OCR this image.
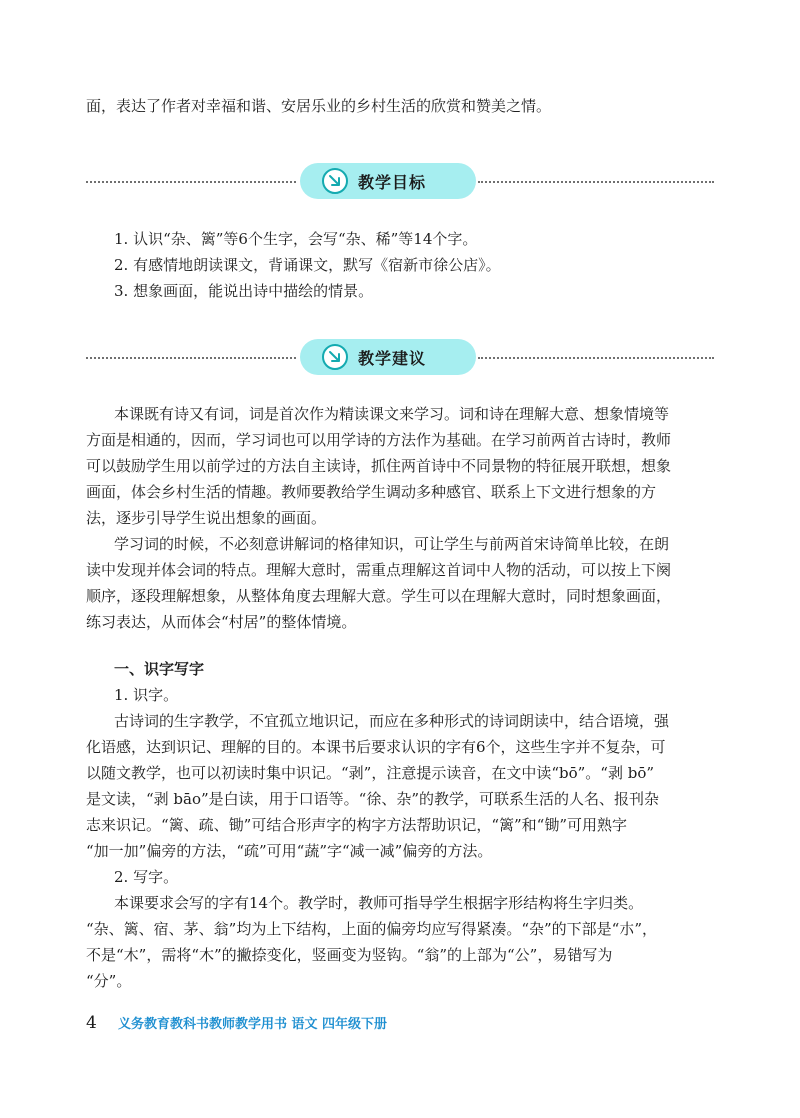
面，表达了作者对幸福和谐、安居乐业的乡村生活的欣赏和赞美之情。
教学目标
1. 认识“杂、篱”等6个生字，会写“杂、稀”等14个字。
2. 有感情地朗读课文，背诵课文，默写《宿新市徐公店》。
3. 想象画面，能说出诗中描绘的情景。
教学建议
本课既有诗又有词，词是首次作为精读课文来学习。词和诗在理解大意、想象情境等
方面是相通的，因而，学习词也可以用学诗的方法作为基础。在学习前两首古诗时，教师
可以鼓励学生用以前学过的方法自主读诗，抓住两首诗中不同景物的特征展开联想，想象
画面，体会乡村生活的情趣。教师要教给学生调动多种感官、联系上下文进行想象的方
法，逐步引导学生说出想象的画面。
学习词的时候，不必刻意讲解词的格律知识，可让学生与前两首宋诗简单比较，在朗
读中发现并体会词的特点。理解大意时，需重点理解这首词中人物的活动，可以按上下阕
顺序，逐段理解想象，从整体角度去理解大意。学生可以在理解大意时，同时想象画面，
练习表达，从而体会“村居”的整体情境。
一、识字写字
1. 识字。
古诗词的生字教学，不宜孤立地识记，而应在多种形式的诗词朗读中，结合语境，强
化语感，达到识记、理解的目的。本课书后要求认识的字有6个，这些生字并不复杂，可
以随文教学，也可以初读时集中识记。“剥”，注意提示读音，在文中读“bō”。“剥 bō”
是文读，“剥 bāo”是白读，用于口语等。“徐、杂”的教学，可联系生活的人名、报刊杂
志来识记。“篱、疏、锄”可结合形声字的构字方法帮助识记，“篱”和“锄”可用熟字
“加一加”偏旁的方法，“疏”可用“蔬”字“减一减”偏旁的方法。
2. 写字。
本课要求会写的字有14个。教学时，教师可指导学生根据字形结构将生字归类。
“杂、篱、宿、茅、翁”均为上下结构，上面的偏旁均应写得紧凑。“杂”的下部是“朩”，
不是“木”，需将“木”的撇捺变化，竖画变为竖钩。“翁”的上部为“公”，易错写为
“分”。
4	义务教育教科书教师教学用书 语文 四年级下册
